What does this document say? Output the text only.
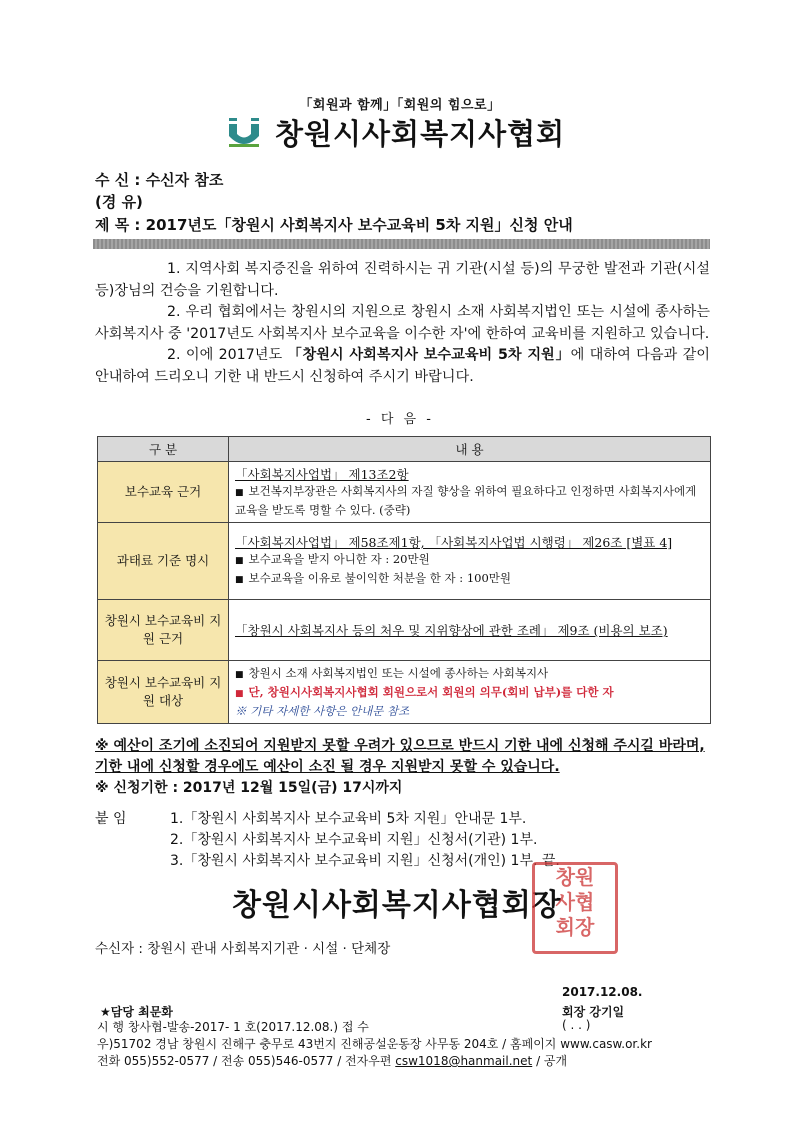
「회원과 함께」「회원의 힘으로」
창원시사회복지사협회
수 신 : 수신자 참조
(경 유)
제 목 : 2017년도「창원시 사회복지사 보수교육비 5차 지원」신청 안내

1. 지역사회 복지증진을 위하여 진력하시는 귀 기관(시설 등)의 무궁한 발전과 기관(시설 등)장님의 건승을 기원합니다.

2. 우리 협회에서는 창원시의 지원으로 창원시 소재 사회복지법인 또는 시설에 종사하는 사회복지사 중 '2017년도 사회복지사 보수교육을 이수한 자'에 한하여 교육비를 지원하고 있습니다.

2. 이에 2017년도 「창원시 사회복지사 보수교육비 5차 지원」에 대하여 다음과 같이 안내하여 드리오니 기한 내 반드시 신청하여 주시기 바랍니다.

- 다 음 -
구 분	내 용
보수교육 근거	「사회복지사업법」 제13조2항
■ 보건복지부장관은 사회복지사의 자질 향상을 위하여 필요하다고 인정하면 사회복지사에게 교육을 받도록 명할 수 있다. (중략)

과태료 기준 명시	「사회복지사업법」 제58조제1항, 「사회복지사업법 시행령」 제26조 [별표 4]
■ 보수교육을 받지 아니한 자 : 20만원
■ 보수교육을 이유로 불이익한 처분을 한 자 : 100만원

창원시 보수교육비 지원 근거	「창원시 사회복지사 등의 처우 및 지위향상에 관한 조례」 제9조 (비용의 보조)

창원시 보수교육비 지원 대상	■ 창원시 소재 사회복지법인 또는 시설에 종사하는 사회복지사
■ 단, 창원시사회복지사협회 회원으로서 회원의 의무(회비 납부)를 다한 자
※ 기타 자세한 사항은 안내문 참조
※ 예산이 조기에 소진되어 지원받지 못할 우려가 있으므로 반드시 기한 내에 신청해 주시길 바라며, 기한 내에 신청할 경우에도 예산이 소진 될 경우 지원받지 못할 수 있습니다.
※ 신청기한 : 2017년 12월 15일(금) 17시까지
붙 임	1.「창원시 사회복지사 보수교육비 5차 지원」안내문 1부.
2.「창원시 사회복지사 보수교육비 지원」신청서(기관) 1부.
3.「창원시 사회복지사 보수교육비 지원」신청서(개인) 1부. 끝.
창원시사회복지사협회장
창원
사협
회장
수신자 : 창원시 관내 사회복지기관 · 시설 · 단체장
2017.12.08.
회장 강기일
★담당 최문화
시 행 창사협-발송-2017- 1 호(2017.12.08.) 접 수	( . . )
우)51702 경남 창원시 진해구 충무로 43번지 진해공설운동장 사무동 204호 / 홈페이지 www.casw.or.kr
전화 055)552-0577 / 전송 055)546-0577 / 전자우편 csw1018@hanmail.net / 공개
